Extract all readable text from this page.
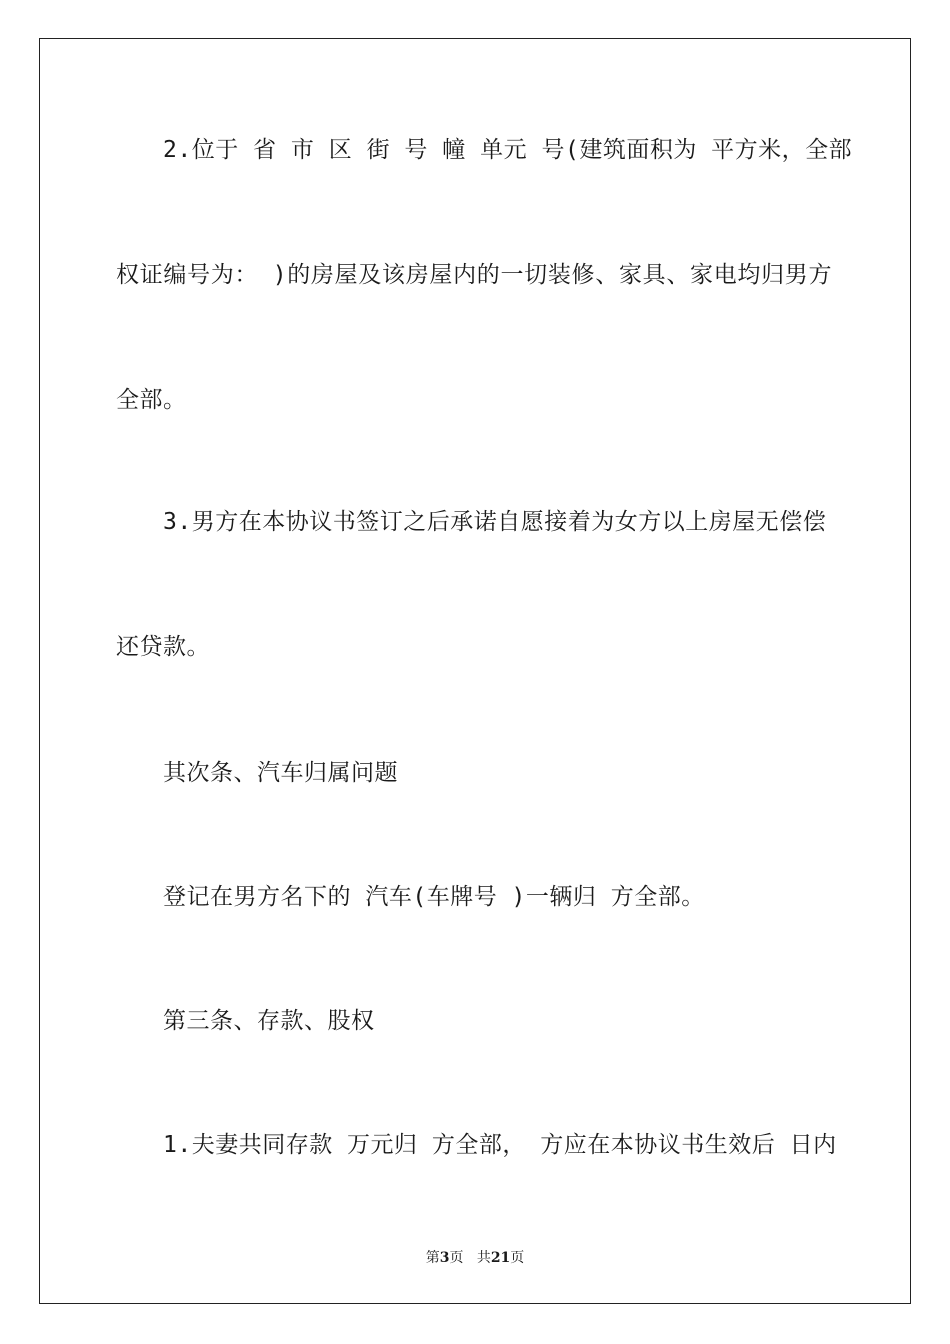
2.位于 省 市 区 街 号 幢 单元 号(建筑面积为 平方米，全部
权证编号为： )的房屋及该房屋内的一切装修、家具、家电均归男方
全部。
3.男方在本协议书签订之后承诺自愿接着为女方以上房屋无偿偿
还贷款。
其次条、汽车归属问题
登记在男方名下的 汽车(车牌号 )一辆归 方全部。
第三条、存款、股权
1.夫妻共同存款 万元归 方全部， 方应在本协议书生效后 日内
第3页 共21页
